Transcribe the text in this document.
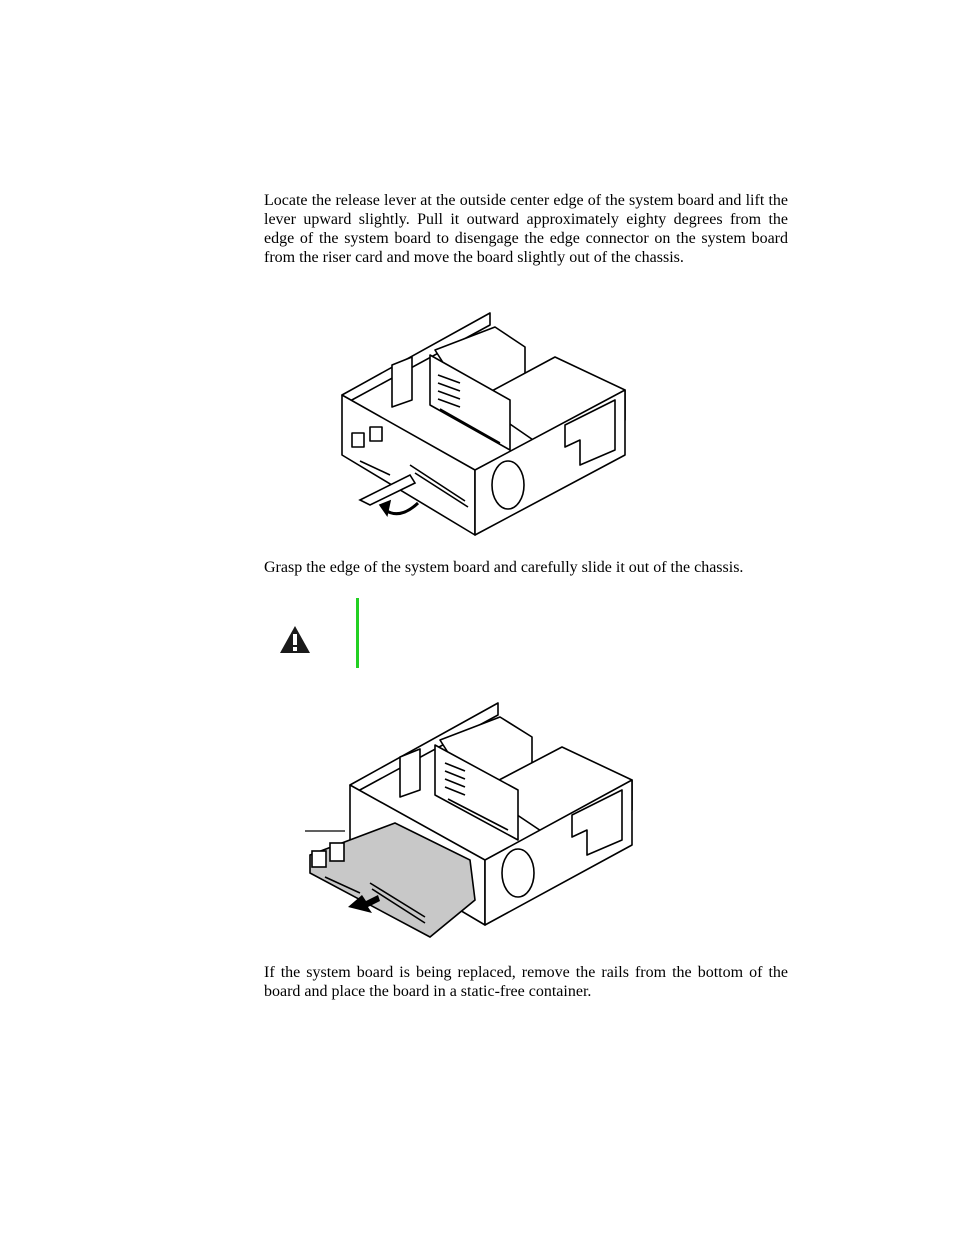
Locate the release lever at the outside center edge of the system board and lift the lever upward slightly. Pull it outward approximately eighty degrees from the edge of the system board to disengage the edge connector on the system board from the riser card and move the board slightly out of the chassis.

Grasp the edge of the system board and carefully slide it out of the chassis.

If the system board is being replaced, remove the rails from the bottom of the board and place the board in a static-free container.
